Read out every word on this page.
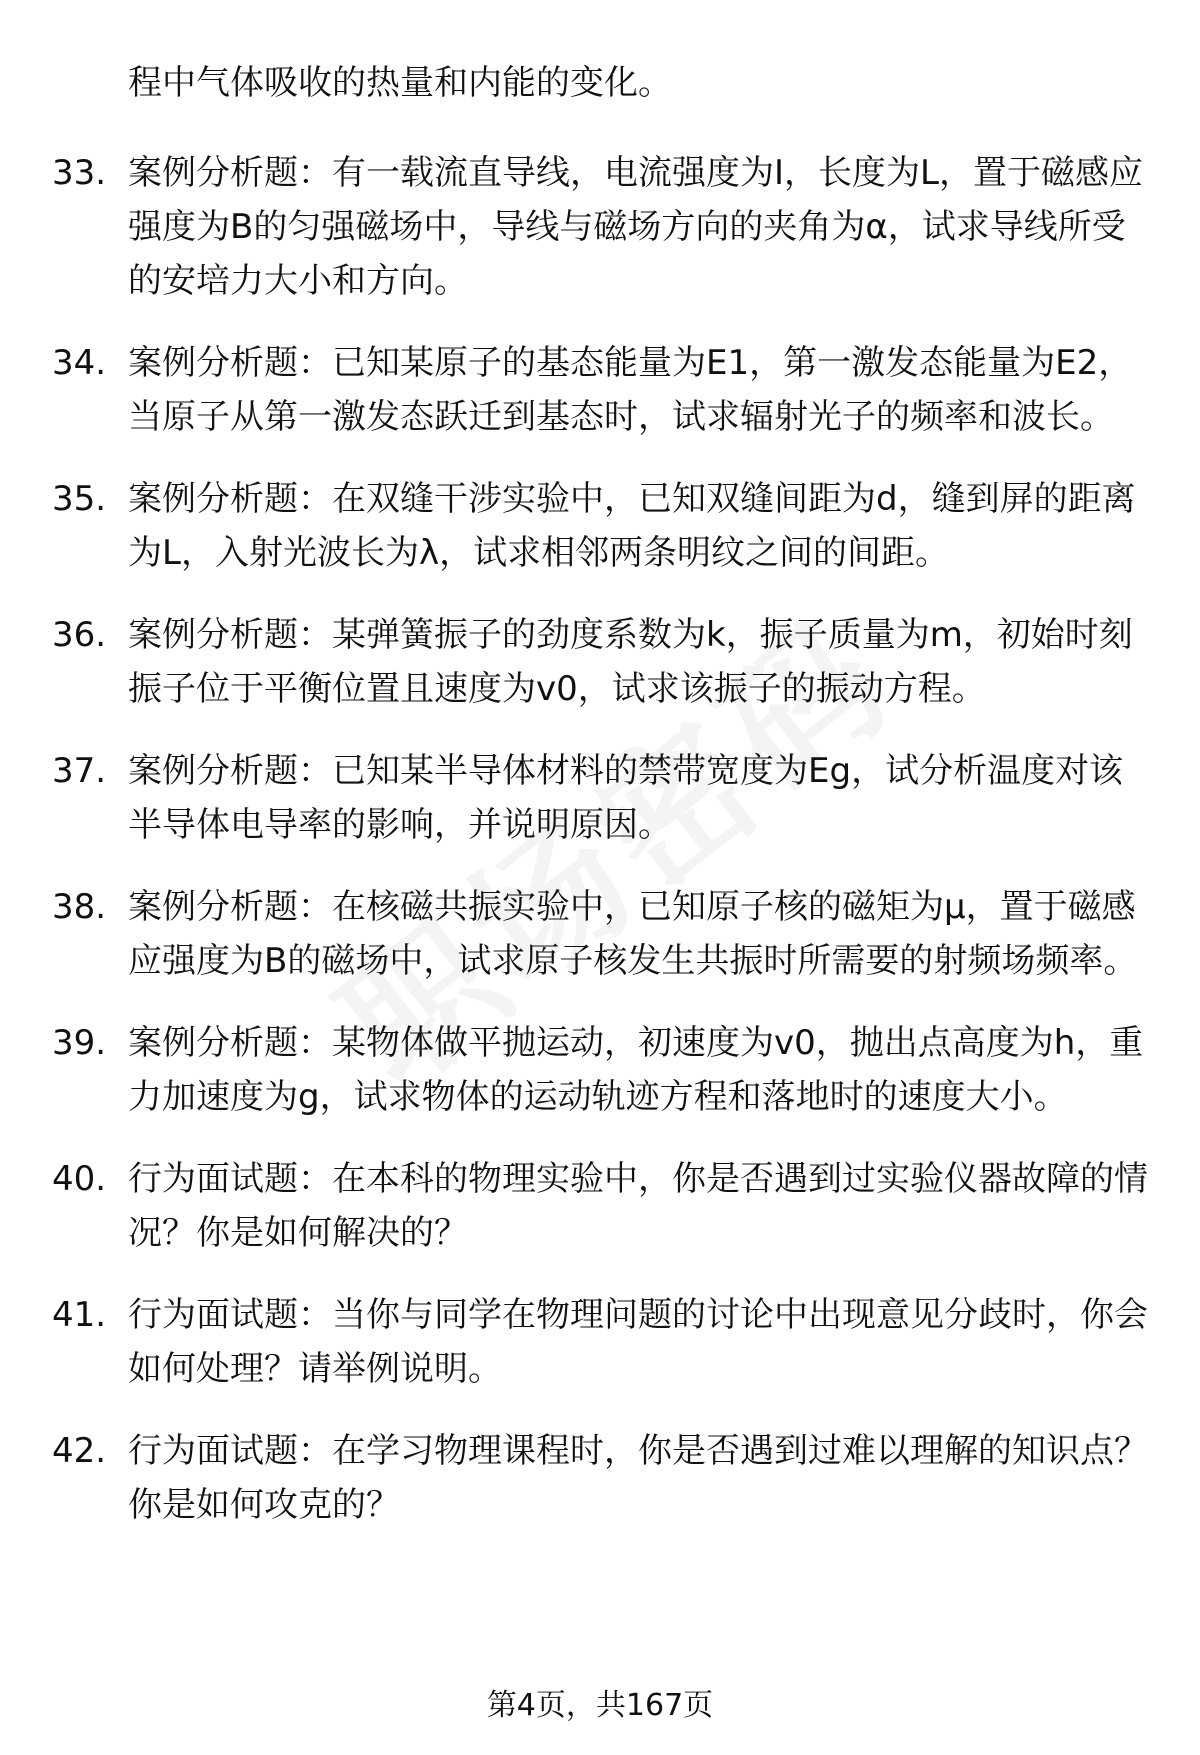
程中气体吸收的热量和内能的变化。
33. 案例分析题：有一载流直导线，电流强度为I，长度为L，置于磁感应强度为B的匀强磁场中，导线与磁场方向的夹角为α，试求导线所受的安培力大小和方向。
34. 案例分析题：已知某原子的基态能量为E1，第一激发态能量为E2，当原子从第一激发态跃迁到基态时，试求辐射光子的频率和波长。
35. 案例分析题：在双缝干涉实验中，已知双缝间距为d，缝到屏的距离为L，入射光波长为λ，试求相邻两条明纹之间的间距。
36. 案例分析题：某弹簧振子的劲度系数为k，振子质量为m，初始时刻振子位于平衡位置且速度为v0，试求该振子的振动方程。
37. 案例分析题：已知某半导体材料的禁带宽度为Eg，试分析温度对该半导体电导率的影响，并说明原因。
38. 案例分析题：在核磁共振实验中，已知原子核的磁矩为μ，置于磁感应强度为B的磁场中，试求原子核发生共振时所需要的射频场频率。
39. 案例分析题：某物体做平抛运动，初速度为v0，抛出点高度为h，重力加速度为g，试求物体的运动轨迹方程和落地时的速度大小。
40. 行为面试题：在本科的物理实验中，你是否遇到过实验仪器故障的情况？你是如何解决的？
41. 行为面试题：当你与同学在物理问题的讨论中出现意见分歧时，你会如何处理？请举例说明。
42. 行为面试题：在学习物理课程时，你是否遇到过难以理解的知识点？你是如何攻克的？
第4页，共167页
